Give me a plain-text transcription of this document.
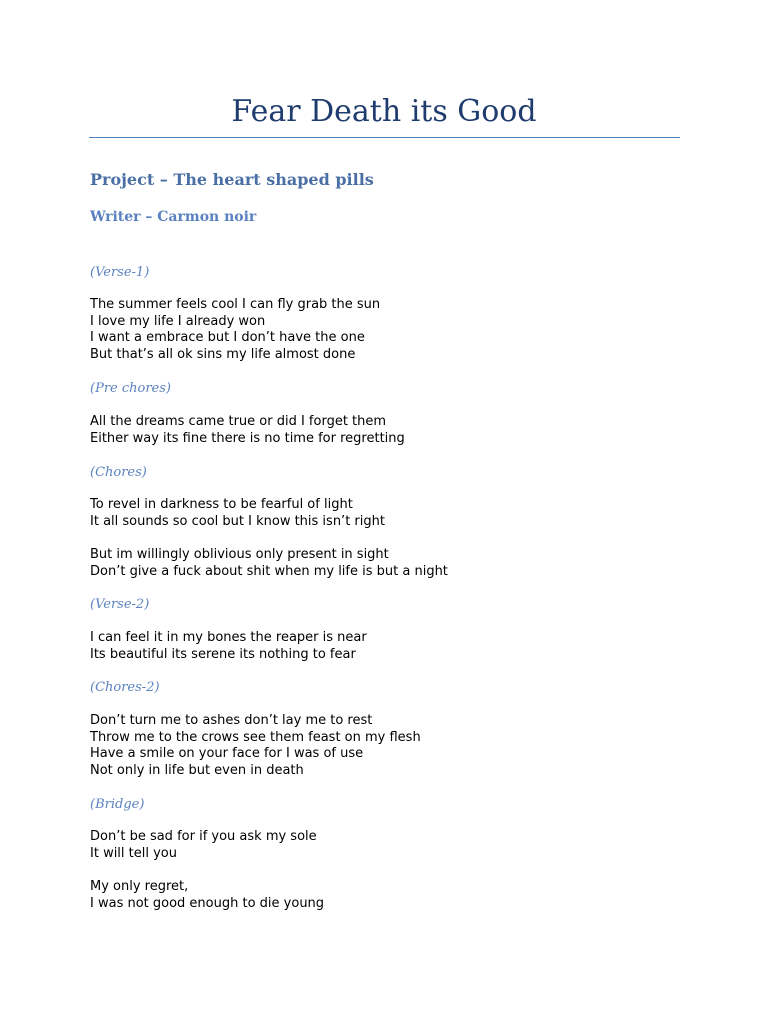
Fear Death its Good

Project – The heart shaped pills

Writer – Carmon noir

(Verse-1)

The summer feels cool I can fly grab the sun
I love my life I already won
I want a embrace but I don’t have the one
But that’s all ok sins my life almost done

(Pre chores)

All the dreams came true or did I forget them
Either way its fine there is no time for regretting

(Chores)

To revel in darkness to be fearful of light
It all sounds so cool but I know this isn’t right
But im willingly oblivious only present in sight
Don’t give a fuck about shit when my life is but a night

(Verse-2)

I can feel it in my bones the reaper is near
Its beautiful its serene its nothing to fear

(Chores-2)

Don’t turn me to ashes don’t lay me to rest
Throw me to the crows see them feast on my flesh
Have a smile on your face for I was of use
Not only in life but even in death

(Bridge)

Don’t be sad for if you ask my sole
It will tell you
My only regret,
I was not good enough to die young
